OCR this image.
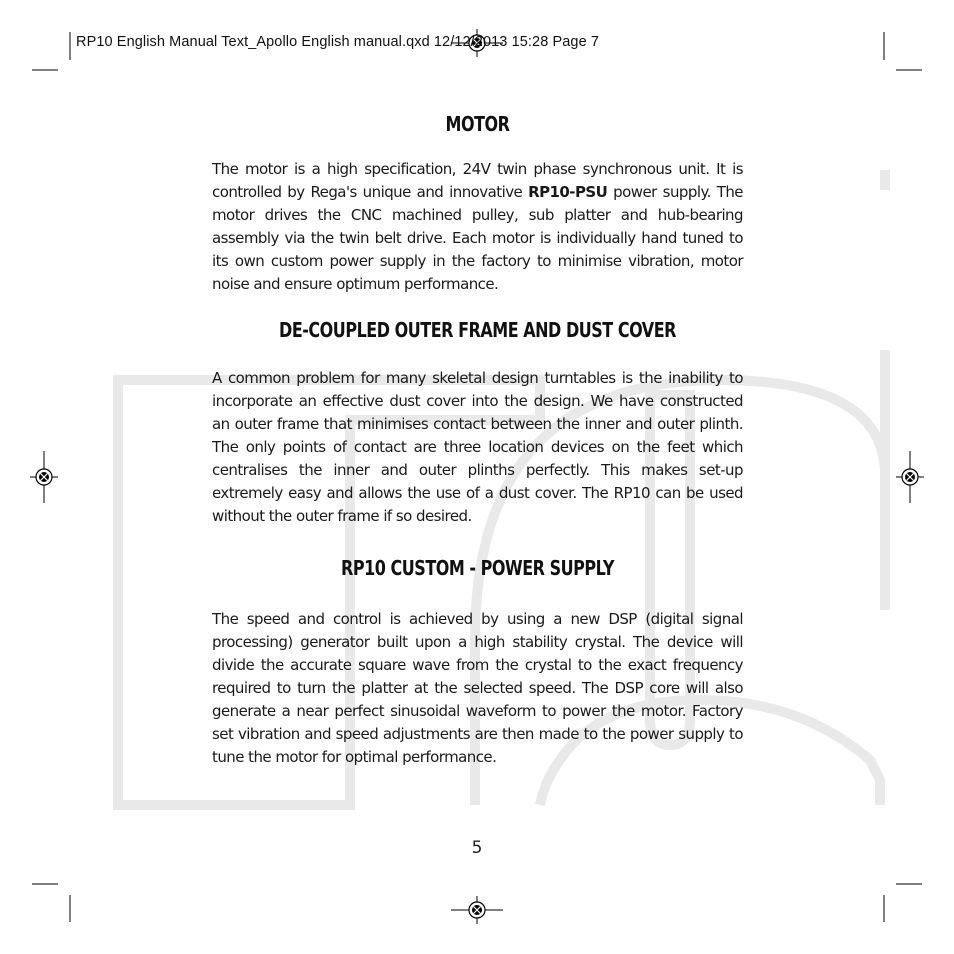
RP10 English Manual Text_Apollo English manual.qxd 12/12/2013 15:28 Page 7
MOTOR

The motor is a high specification, 24V twin phase synchronous unit. It is controlled by Rega's unique and innovative RP10-PSU power supply. The motor drives the CNC machined pulley, sub platter and hub-bearing assembly via the twin belt drive. Each motor is individually hand tuned to its own custom power supply in the factory to minimise vibration, motor noise and ensure optimum performance.

DE-COUPLED OUTER FRAME AND DUST COVER

A common problem for many skeletal design turntables is the inability to incorporate an effective dust cover into the design. We have constructed an outer frame that minimises contact between the inner and outer plinth. The only points of contact are three location devices on the feet which centralises the inner and outer plinths perfectly. This makes set-up extremely easy and allows the use of a dust cover. The RP10 can be used without the outer frame if so desired.

RP10 CUSTOM - POWER SUPPLY

The speed and control is achieved by using a new DSP (digital signal processing) generator built upon a high stability crystal. The device will divide the accurate square wave from the crystal to the exact frequency required to turn the platter at the selected speed. The DSP core will also generate a near perfect sinusoidal waveform to power the motor. Factory set vibration and speed adjustments are then made to the power supply to tune the motor for optimal performance.

5
